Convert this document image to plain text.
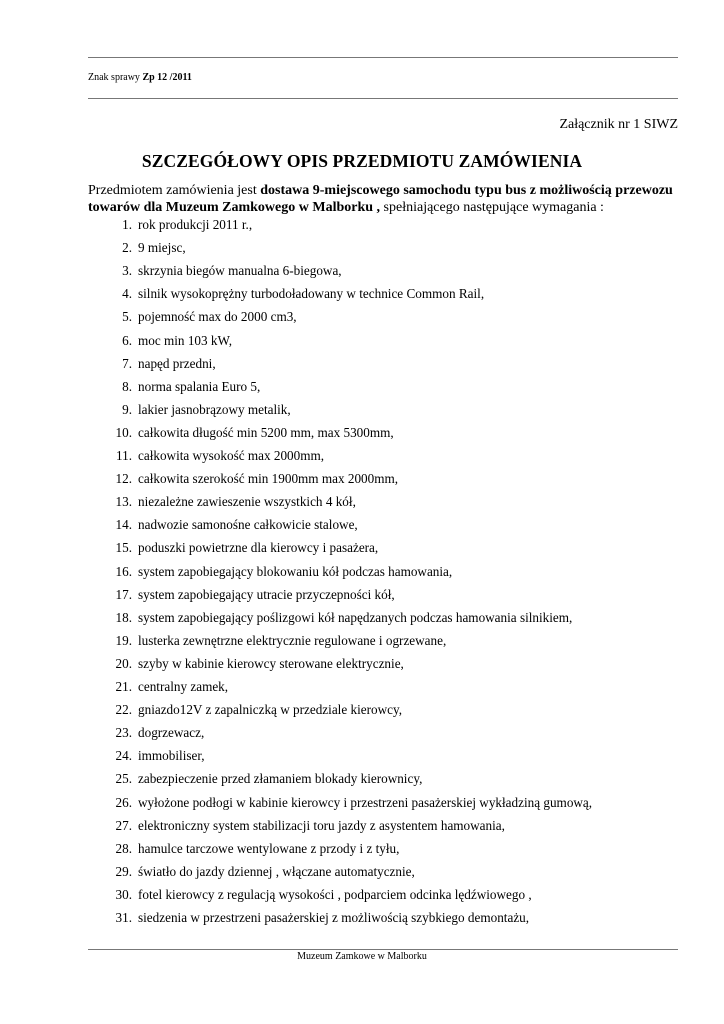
Znak sprawy Zp 12 /2011
Załącznik nr 1 SIWZ
SZCZEGÓŁOWY OPIS PRZEDMIOTU ZAMÓWIENIA
Przedmiotem zamówienia jest dostawa 9-miejscowego samochodu typu bus z możliwością przewozu towarów dla Muzeum Zamkowego w Malborku , spełniającego następujące wymagania :
1. rok produkcji 2011 r.,
2. 9 miejsc,
3. skrzynia biegów manualna 6-biegowa,
4. silnik wysokoprężny turbodoładowany w technice Common Rail,
5. pojemność max do 2000 cm3,
6. moc min 103 kW,
7. napęd przedni,
8. norma spalania Euro 5,
9. lakier jasnobrązowy metalik,
10. całkowita długość min 5200 mm, max 5300mm,
11. całkowita wysokość max 2000mm,
12. całkowita szerokość min 1900mm max 2000mm,
13. niezależne zawieszenie wszystkich 4 kół,
14. nadwozie samonośne całkowicie stalowe,
15. poduszki powietrzne dla kierowcy i pasażera,
16. system zapobiegający blokowaniu kół podczas hamowania,
17. system zapobiegający utracie przyczepności kół,
18. system zapobiegający poślizgowi kół napędzanych podczas hamowania silnikiem,
19. lusterka zewnętrzne elektrycznie regulowane i ogrzewane,
20. szyby w kabinie kierowcy sterowane elektrycznie,
21. centralny zamek,
22. gniazdo12V z zapalniczką w przedziale kierowcy,
23. dogrzewacz,
24. immobiliser,
25. zabezpieczenie przed złamaniem blokady kierownicy,
26. wyłożone podłogi w kabinie kierowcy i przestrzeni pasażerskiej wykładziną gumową,
27. elektroniczny system stabilizacji toru jazdy z asystentem hamowania,
28. hamulce tarczowe wentylowane z przody i z tyłu,
29. światło do jazdy dziennej , włączane automatycznie,
30. fotel kierowcy z regulacją wysokości , podparciem odcinka lędźwiowego ,
31. siedzenia w przestrzeni pasażerskiej z możliwością szybkiego demontażu,
Muzeum Zamkowe w Malborku
